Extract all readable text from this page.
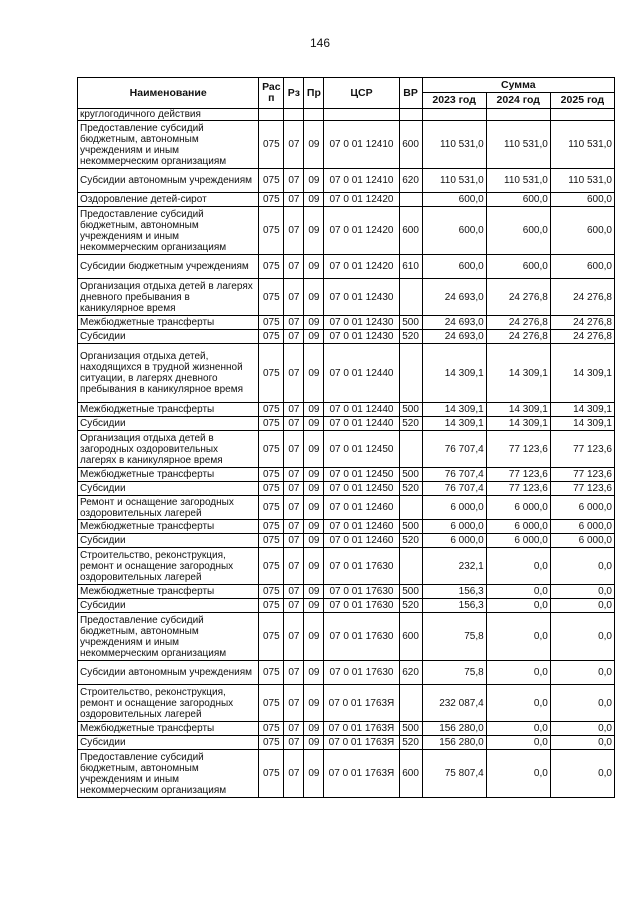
146
Наименование	Рас п	Рз	Пр	ЦСР	ВР	Сумма		
						2023 год	2024 год	2025 год
круглогодичного действия								
Предоставление субсидий бюджетным, автономным учреждениям и иным некоммерческим организациям	075	07	09	07 0 01 12410	600	110 531,0	110 531,0	110 531,0
Субсидии автономным учреждениям	075	07	09	07 0 01 12410	620	110 531,0	110 531,0	110 531,0
Оздоровление детей-сирот	075	07	09	07 0 01 12420		600,0	600,0	600,0
Предоставление субсидий бюджетным, автономным учреждениям и иным некоммерческим организациям	075	07	09	07 0 01 12420	600	600,0	600,0	600,0
Субсидии бюджетным учреждениям	075	07	09	07 0 01 12420	610	600,0	600,0	600,0
Организация отдыха детей в лагерях дневного пребывания в каникулярное время	075	07	09	07 0 01 12430		24 693,0	24 276,8	24 276,8
Межбюджетные трансферты	075	07	09	07 0 01 12430	500	24 693,0	24 276,8	24 276,8
Субсидии	075	07	09	07 0 01 12430	520	24 693,0	24 276,8	24 276,8
Организация отдыха детей, находящихся в трудной жизненной ситуации, в лагерях дневного пребывания в каникулярное время	075	07	09	07 0 01 12440		14 309,1	14 309,1	14 309,1
Межбюджетные трансферты	075	07	09	07 0 01 12440	500	14 309,1	14 309,1	14 309,1
Субсидии	075	07	09	07 0 01 12440	520	14 309,1	14 309,1	14 309,1
Организация отдыха детей в загородных оздоровительных лагерях в каникулярное время	075	07	09	07 0 01 12450		76 707,4	77 123,6	77 123,6
Межбюджетные трансферты	075	07	09	07 0 01 12450	500	76 707,4	77 123,6	77 123,6
Субсидии	075	07	09	07 0 01 12450	520	76 707,4	77 123,6	77 123,6
Ремонт и оснащение загородных оздоровительных лагерей	075	07	09	07 0 01 12460		6 000,0	6 000,0	6 000,0
Межбюджетные трансферты	075	07	09	07 0 01 12460	500	6 000,0	6 000,0	6 000,0
Субсидии	075	07	09	07 0 01 12460	520	6 000,0	6 000,0	6 000,0
Строительство, реконструкция, ремонт и оснащение загородных оздоровительных лагерей	075	07	09	07 0 01 17630		232,1	0,0	0,0
Межбюджетные трансферты	075	07	09	07 0 01 17630	500	156,3	0,0	0,0
Субсидии	075	07	09	07 0 01 17630	520	156,3	0,0	0,0
Предоставление субсидий бюджетным, автономным учреждениям и иным некоммерческим организациям	075	07	09	07 0 01 17630	600	75,8	0,0	0,0
Субсидии автономным учреждениям	075	07	09	07 0 01 17630	620	75,8	0,0	0,0
Строительство, реконструкция, ремонт и оснащение загородных оздоровительных лагерей	075	07	09	07 0 01 1763Я		232 087,4	0,0	0,0
Межбюджетные трансферты	075	07	09	07 0 01 1763Я	500	156 280,0	0,0	0,0
Субсидии	075	07	09	07 0 01 1763Я	520	156 280,0	0,0	0,0
Предоставление субсидий бюджетным, автономным учреждениям и иным некоммерческим организациям	075	07	09	07 0 01 1763Я	600	75 807,4	0,0	0,0
